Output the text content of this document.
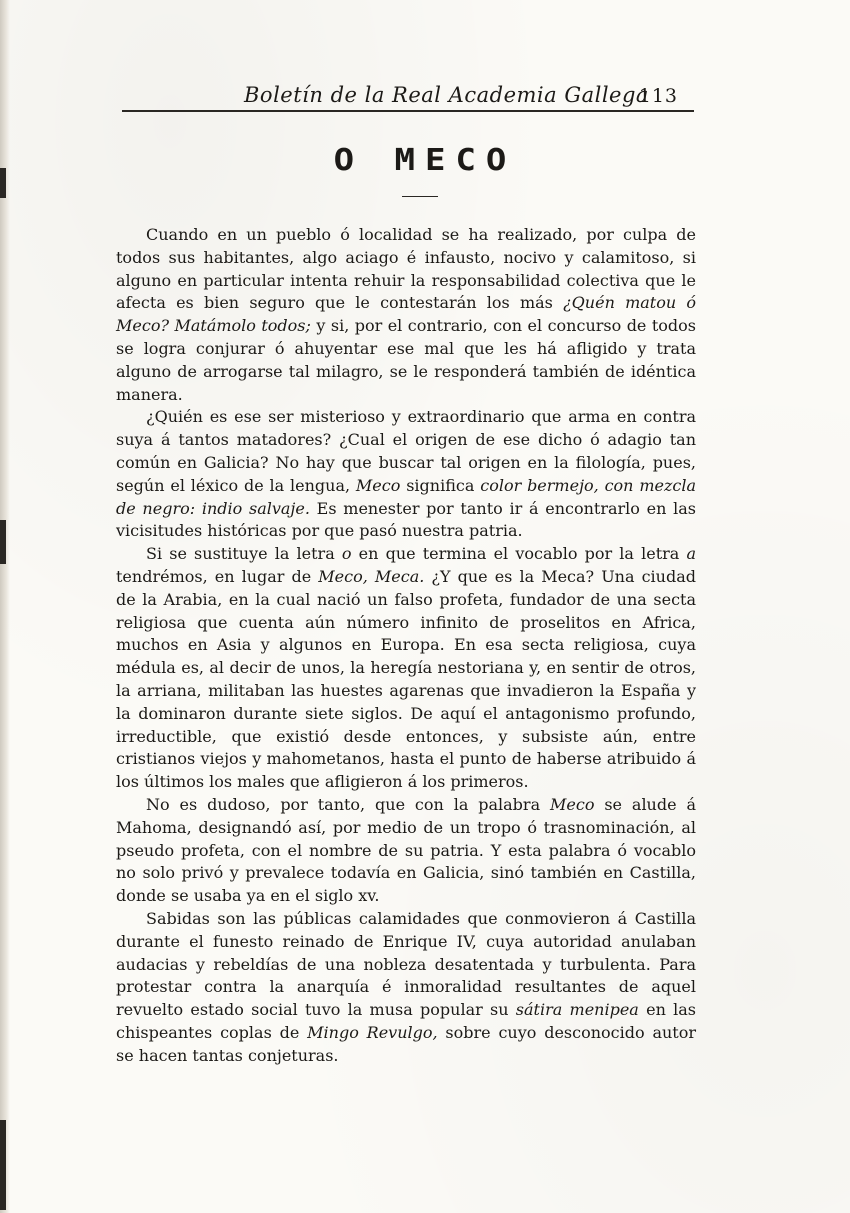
Boletín de la Real Academia Gallega
113
O MECO

Cuando en un pueblo ó localidad se ha realizado, por culpa de todos sus habitantes, algo aciago é infausto, nocivo y calamitoso, si alguno en particular intenta rehuir la responsabilidad colectiva que le afecta es bien seguro que le contestarán los más ¿Quén matou ó Meco? Matámolo todos; y si, por el contrario, con el concurso de todos se logra conjurar ó ahuyentar ese mal que les há afligido y trata alguno de arrogarse tal milagro, se le responderá también de idéntica manera.

¿Quién es ese ser misterioso y extraordinario que arma en contra suya á tantos matadores? ¿Cual el origen de ese dicho ó adagio tan común en Galicia? No hay que buscar tal origen en la filología, pues, según el léxico de la lengua, Meco significa color bermejo, con mezcla de negro: indio salvaje. Es menester por tanto ir á encontrarlo en las vicisitudes históricas por que pasó nuestra patria.

Si se sustituye la letra o en que termina el vocablo por la letra a tendrémos, en lugar de Meco, Meca. ¿Y que es la Meca? Una ciudad de la Arabia, en la cual nació un falso profeta, fundador de una secta religiosa que cuenta aún número infinito de proselitos en Africa, muchos en Asia y algunos en Europa. En esa secta religiosa, cuya médula es, al decir de unos, la heregía nestoriana y, en sentir de otros, la arriana, militaban las huestes agarenas que invadieron la España y la dominaron durante siete siglos. De aquí el antagonismo profundo, irreductible, que existió desde entonces, y subsiste aún, entre cristianos viejos y mahometanos, hasta el punto de haberse atribuido á los últimos los males que afligieron á los primeros.

No es dudoso, por tanto, que con la palabra Meco se alude á Mahoma, designandó así, por medio de un tropo ó trasnominación, al pseudo profeta, con el nombre de su patria. Y esta palabra ó vocablo no solo privó y prevalece todavía en Galicia, sinó también en Castilla, donde se usaba ya en el siglo xv.

Sabidas son las públicas calamidades que conmovieron á Castilla durante el funesto reinado de Enrique IV, cuya autoridad anulaban audacias y rebeldías de una nobleza desatentada y turbulenta. Para protestar contra la anarquía é inmoralidad resultantes de aquel revuelto estado social tuvo la musa popular su sátira menipea en las chispeantes coplas de Mingo Revulgo, sobre cuyo desconocido autor se hacen tantas conjeturas.
